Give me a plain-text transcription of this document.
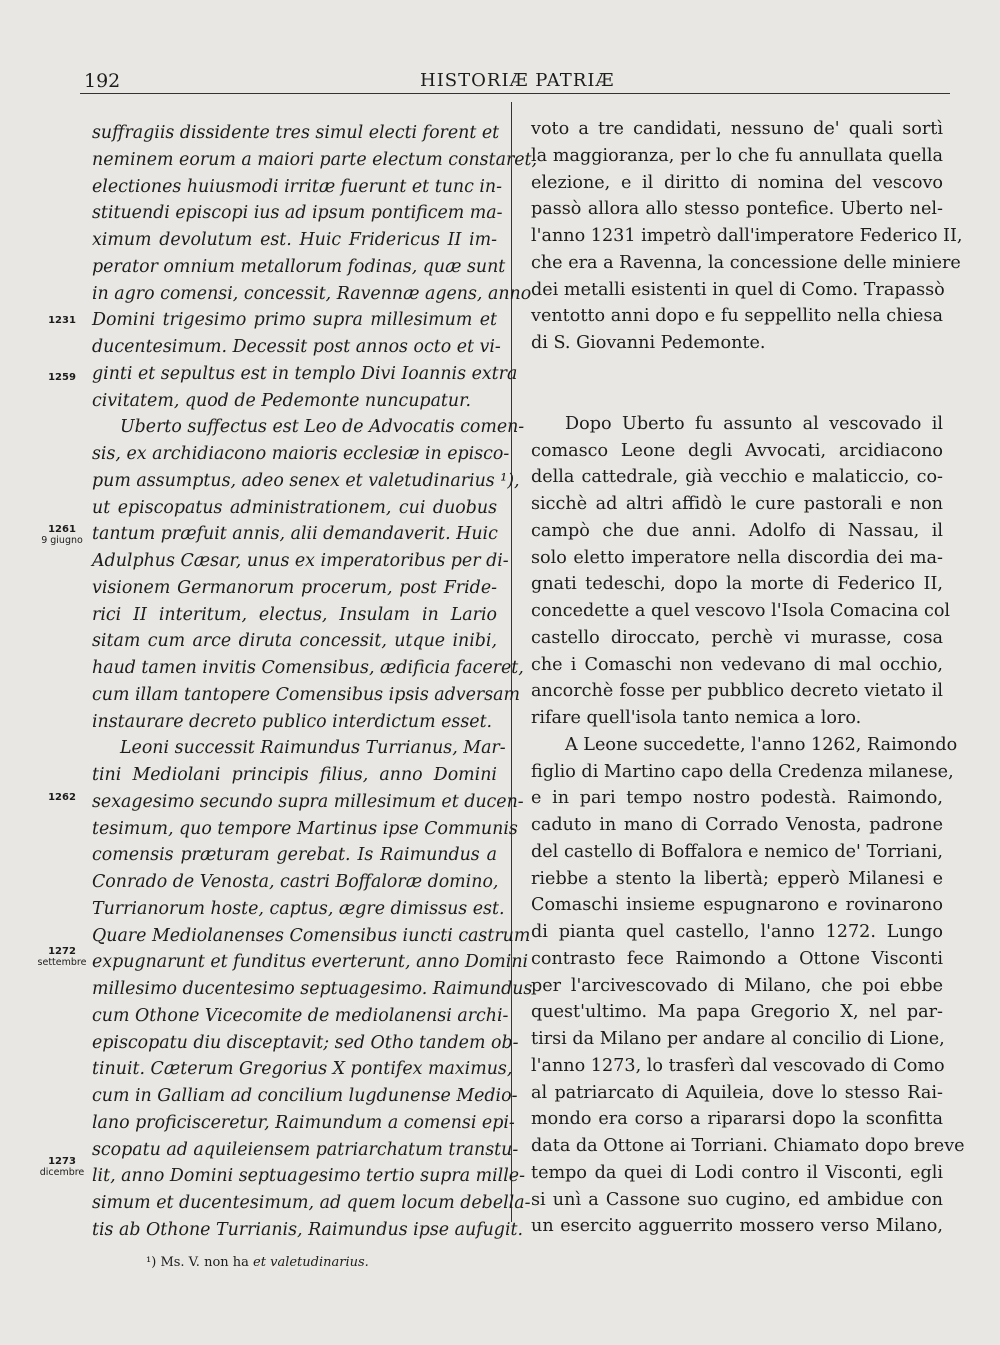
192	HISTORIÆ PATRIÆ
suffragiis dissidente tres simul electi forent et
neminem eorum a maiori parte electum constaret,
electiones huiusmodi irritæ fuerunt et tunc in-
stituendi episcopi ius ad ipsum pontificem ma-
ximum devolutum est. Huic Fridericus II im-
perator omnium metallorum fodinas, quæ sunt
in agro comensi, concessit, Ravennæ agens, anno
Domini trigesimo primo supra millesimum et
ducentesimum. Decessit post annos octo et vi-
ginti et sepultus est in templo Divi Ioannis extra
civitatem, quod de Pedemonte nuncupatur.
Uberto suffectus est Leo de Advocatis comen-
sis, ex archidiacono maioris ecclesiæ in episco-
pum assumptus, adeo senex et valetudinarius ¹),
ut episcopatus administrationem, cui duobus
tantum præfuit annis, alii demandaverit. Huic
Adulphus Cæsar, unus ex imperatoribus per di-
visionem Germanorum procerum, post Fride-
rici II interitum, electus, Insulam in Lario
sitam cum arce diruta concessit, utque inibi,
haud tamen invitis Comensibus, ædificia faceret,
cum illam tantopere Comensibus ipsis adversam
instaurare decreto publico interdictum esset.
Leoni successit Raimundus Turrianus, Mar-
tini Mediolani principis filius, anno Domini
sexagesimo secundo supra millesimum et ducen-
tesimum, quo tempore Martinus ipse Communis
comensis præturam gerebat. Is Raimundus a
Conrado de Venosta, castri Boffaloræ domino,
Turrianorum hoste, captus, ægre dimissus est.
Quare Mediolanenses Comensibus iuncti castrum
expugnarunt et funditus everterunt, anno Domini
millesimo ducentesimo septuagesimo. Raimundus
cum Othone Vicecomite de mediolanensi archi-
episcopatu diu disceptavit; sed Otho tandem ob-
tinuit. Cæterum Gregorius X pontifex maximus,
cum in Galliam ad concilium lugdunense Medio-
lano proficisceretur, Raimundum a comensi epi-
scopatu ad aquileiensem patriarchatum transtu-
lit, anno Domini septuagesimo tertio supra mille-
simum et ducentesimum, ad quem locum debella-
tis ab Othone Turrianis, Raimundus ipse aufugit.
1231
1259
1261
9 giugno
1262
1272
settembre
1273
dicembre
voto a tre candidati, nessuno de' quali sortì
la maggioranza, per lo che fu annullata quella
elezione, e il diritto di nomina del vescovo
passò allora allo stesso pontefice. Uberto nel-
l'anno 1231 impetrò dall'imperatore Federico II,
che era a Ravenna, la concessione delle miniere
dei metalli esistenti in quel di Como. Trapassò
ventotto anni dopo e fu seppellito nella chiesa
di S. Giovanni Pedemonte.
Dopo Uberto fu assunto al vescovado il
comasco Leone degli Avvocati, arcidiacono
della cattedrale, già vecchio e malaticcio, co-
sicchè ad altri affidò le cure pastorali e non
campò che due anni. Adolfo di Nassau, il
solo eletto imperatore nella discordia dei ma-
gnati tedeschi, dopo la morte di Federico II,
concedette a quel vescovo l'Isola Comacina col
castello diroccato, perchè vi murasse, cosa
che i Comaschi non vedevano di mal occhio,
ancorchè fosse per pubblico decreto vietato il
rifare quell'isola tanto nemica a loro.
A Leone succedette, l'anno 1262, Raimondo
figlio di Martino capo della Credenza milanese,
e in pari tempo nostro podestà. Raimondo,
caduto in mano di Corrado Venosta, padrone
del castello di Boffalora e nemico de' Torriani,
riebbe a stento la libertà; epperò Milanesi e
Comaschi insieme espugnarono e rovinarono
di pianta quel castello, l'anno 1272. Lungo
contrasto fece Raimondo a Ottone Visconti
per l'arcivescovado di Milano, che poi ebbe
quest'ultimo. Ma papa Gregorio X, nel par-
tirsi da Milano per andare al concilio di Lione,
l'anno 1273, lo trasferì dal vescovado di Como
al patriarcato di Aquileia, dove lo stesso Rai-
mondo era corso a ripararsi dopo la sconfitta
data da Ottone ai Torriani. Chiamato dopo breve
tempo da quei di Lodi contro il Visconti, egli
si unì a Cassone suo cugino, ed ambidue con
un esercito agguerrito mossero verso Milano,
¹) Ms. V. non ha et valetudinarius.
